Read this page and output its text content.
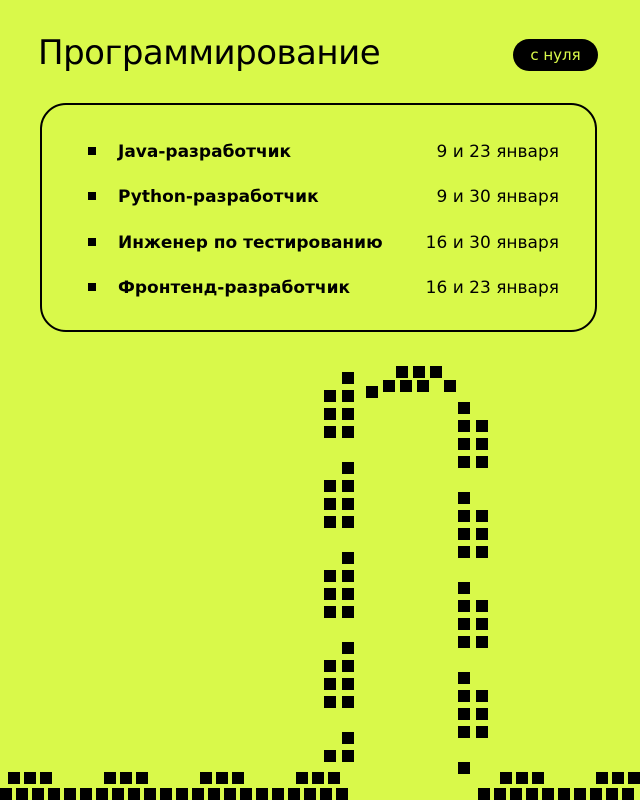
Программирование	с нуля
Java-разработчик	9 и 23 января
Python-разработчик	9 и 30 января
Инженер по тестированию	16 и 30 января
Фронтенд-разработчик	16 и 23 января
